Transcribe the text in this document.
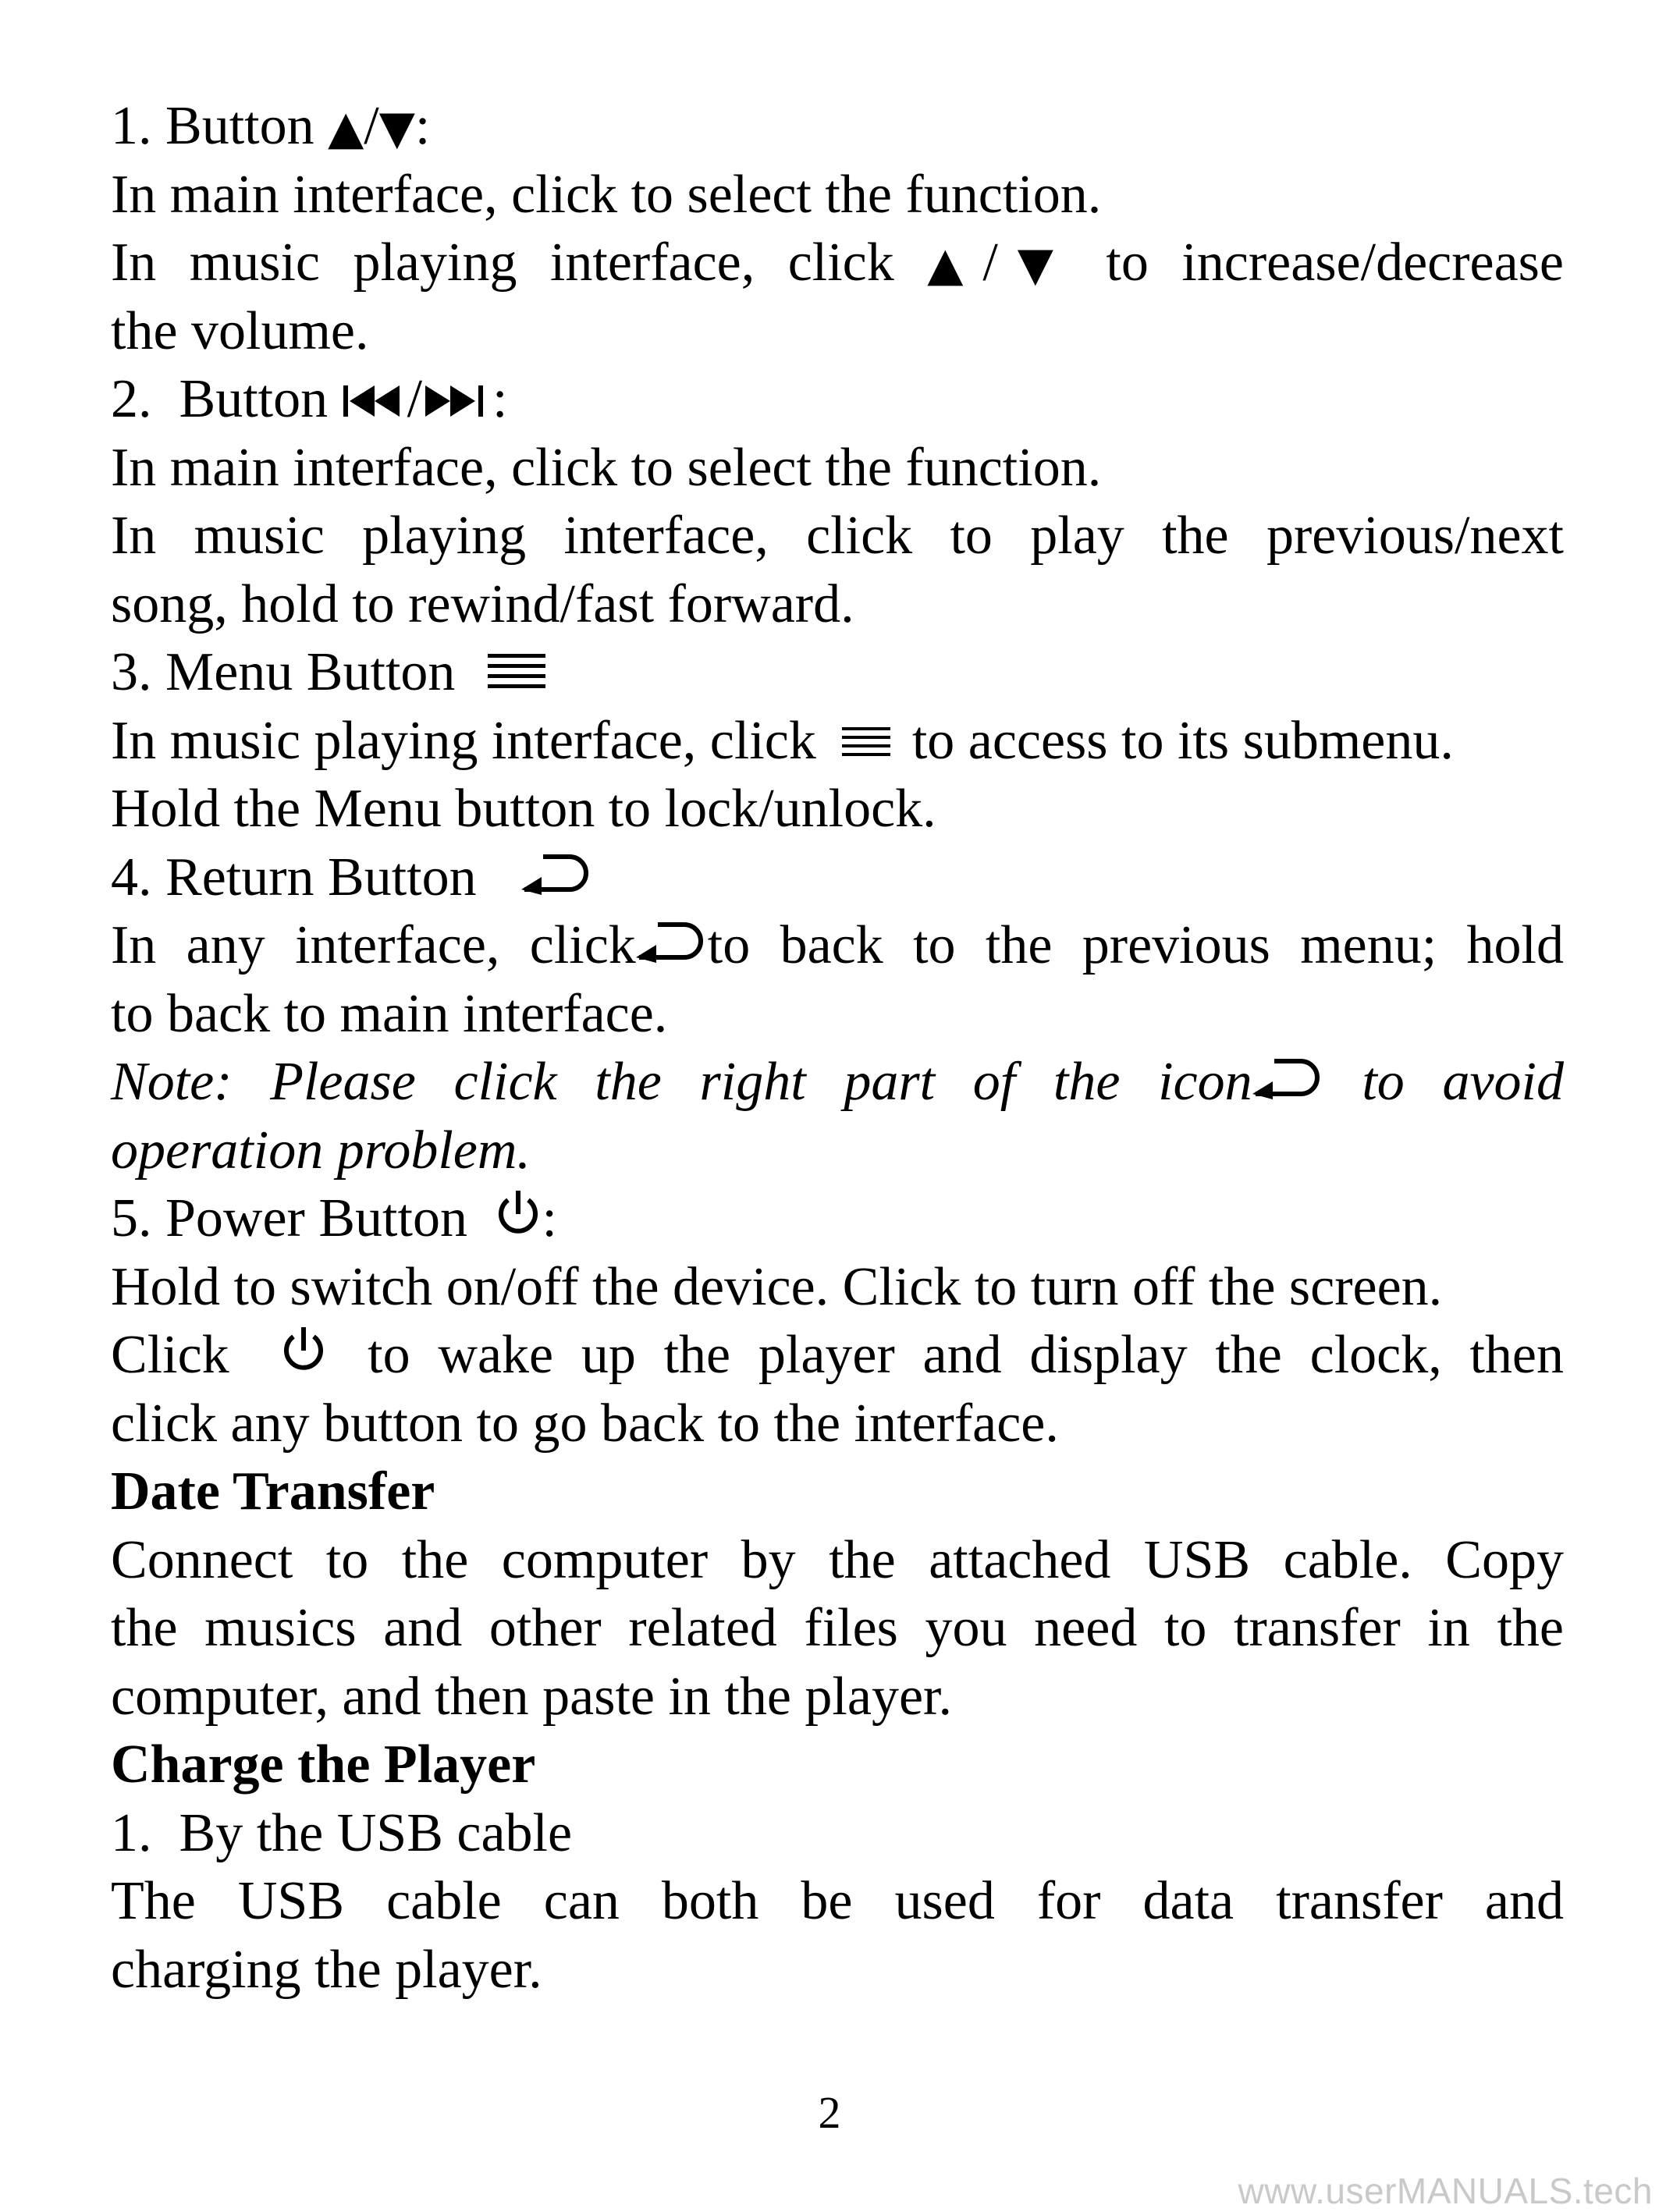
1. Button ▲/▼:
In main interface, click to select the function.
In music playing interface, click ▲/▼ to increase/decrease
the volume.
2.  Button
/ :
In main interface, click to select the function.
In music playing interface, click to play the previous/next
song, hold to rewind/fast forward.
3. Menu Button
In music playing interface, click
to access to its submenu.
Hold the Menu button to lock/unlock.
4. Return Button
In any interface, click to back to the previous menu; hold
to back to main interface.
Note: Please click the right part of the icon
to avoid
operation problem.
5. Power Button
:
Hold to switch on/off the device. Click to turn off the screen.
Click
to wake up the player and display the clock, then
click any button to go back to the interface.
Date Transfer
Connect to the computer by the attached USB cable. Copy
the musics and other related files you need to transfer in the
computer, and then paste in the player.
Charge the Player
1.  By the USB cable
The USB cable can both be used for data transfer and
charging the player.
2
www.userMANUALS.tech
